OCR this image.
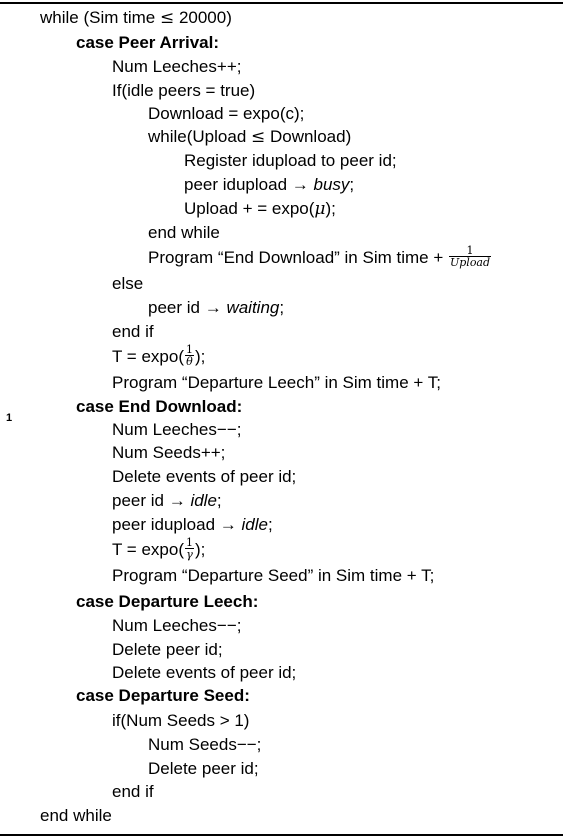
1
while (Sim time ≤ 20000)
case Peer Arrival:
Num Leeches++;
If(idle peers = true)
Download = expo(c);
while(Upload ≤ Download)
Register idupload to peer id;
peer idupload → busy;
Upload + = expo(μ);
end while
Program “End Download” in Sim time + $\frac{1}{\text{Upload}}$
else
peer id → waiting;
end if
$T = \exp o( \frac{1}{\theta}$ );
Program “Departure Leech” in Sim time + T;
case End Download:
Num Leeches−−;
Num Seeds++;
Delete events of peer id;
peer id → idle;
peer idupload → idle;
$T = \exp o( \frac{1}{\gamma}$ );
Program “Departure Seed” in Sim time + T;
case Departure Leech:
Num Leeches−−;
Delete peer id;
Delete events of peer id;
case Departure Seed:
if(Num Seeds > 1)
Num Seeds−−;
Delete peer id;
end if
end while
